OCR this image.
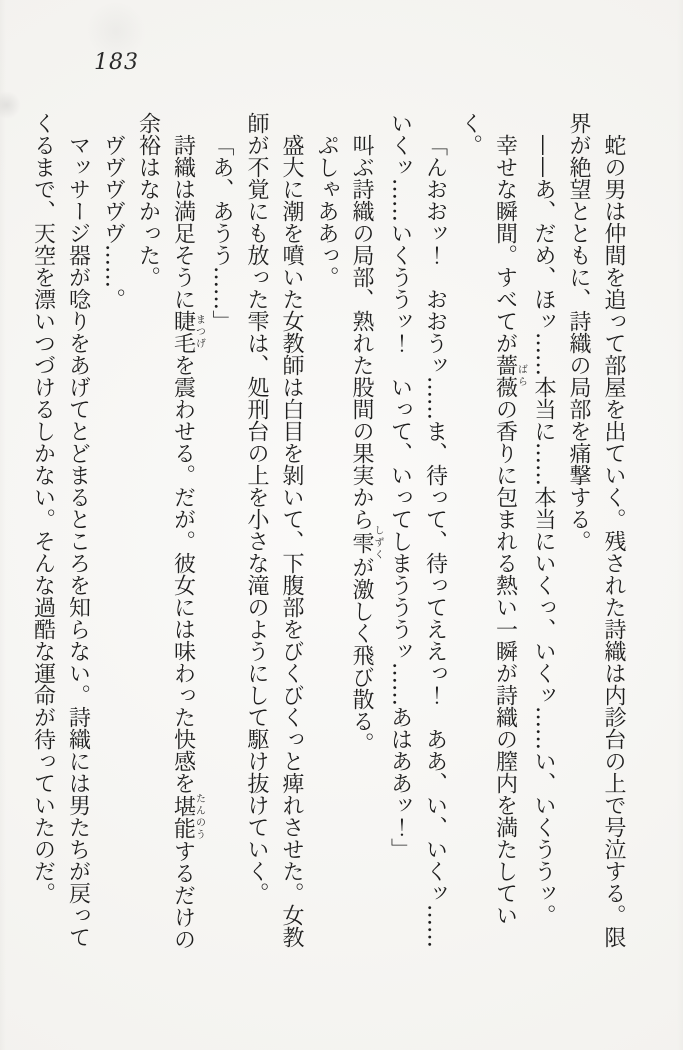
183

蛇の男は仲間を追って部屋を出ていく。残された詩織は内診台の上で号泣する。限界が絶望とともに、詩織の局部を痛撃する。

——あ、だめ、ほッ……本当に……本当にいくっ、いくッ……い、いくううッ。

幸せな瞬間。すべてが薔薇ばらの香りに包まれる熱い一瞬が詩織の膣内を満たしていく。

「んおおッ！　おおうッ……ま、待って、待ってええっ！　ああ、い、いくッ……いくッ……いくううッ！　いって、いってしまうううッ……あはああッ！」

叫ぶ詩織の局部、熟れた股間の果実から雫しずくが激しく飛び散る。

ぷしゃああっ。

盛大に潮を噴いた女教師は白目を剝いて、下腹部をびくびくっと痺れさせた。女教師が不覚にも放った雫は、処刑台の上を小さな滝のようにして駆け抜けていく。

「あ、あうう……」

詩織は満足そうに睫毛まつげを震わせる。だが。彼女には味わった快感を堪能たんのうするだけの余裕はなかった。

ヴヴヴヴヴ……。

マッサージ器が唸りをあげてとどまるところを知らない。詩織には男たちが戻ってくるまで、天空を漂いつづけるしかない。そんな過酷な運命が待っていたのだ。
